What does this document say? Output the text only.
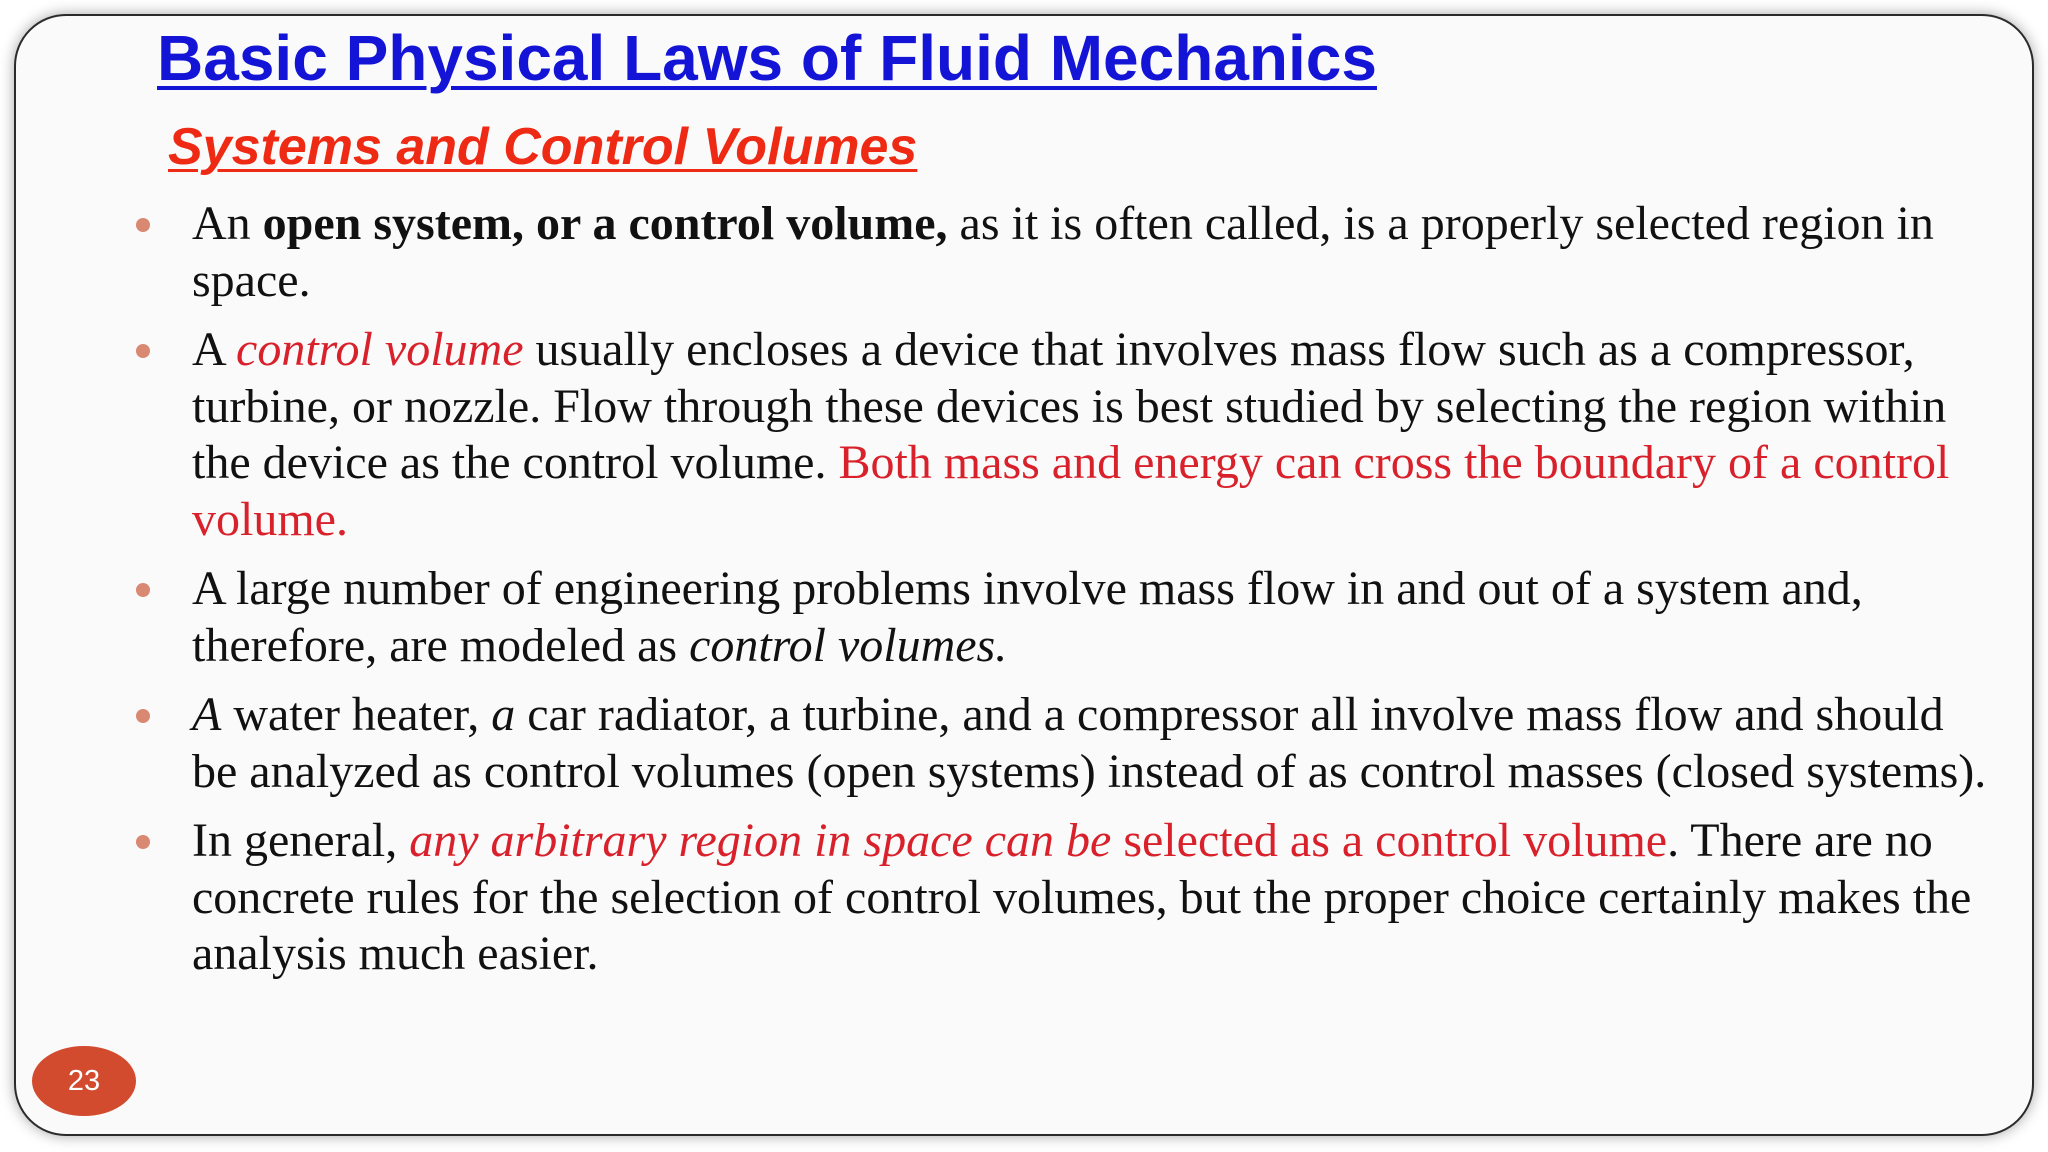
Basic Physical Laws of Fluid Mechanics
Systems and Control Volumes
An open system, or a control volume, as it is often called, is a properly selected region in space.
A control volume usually encloses a device that involves mass flow such as a compressor, turbine, or nozzle. Flow through these devices is best studied by selecting the region within the device as the control volume. Both mass and energy can cross the boundary of a control volume.
A large number of engineering problems involve mass flow in and out of a system and, therefore, are modeled as control volumes.
A water heater, a car radiator, a turbine, and a compressor all involve mass flow and should be analyzed as control volumes (open systems) instead of as control masses (closed systems).
In general, any arbitrary region in space can be selected as a control volume. There are no concrete rules for the selection of control volumes, but the proper choice certainly makes the analysis much easier.
23
